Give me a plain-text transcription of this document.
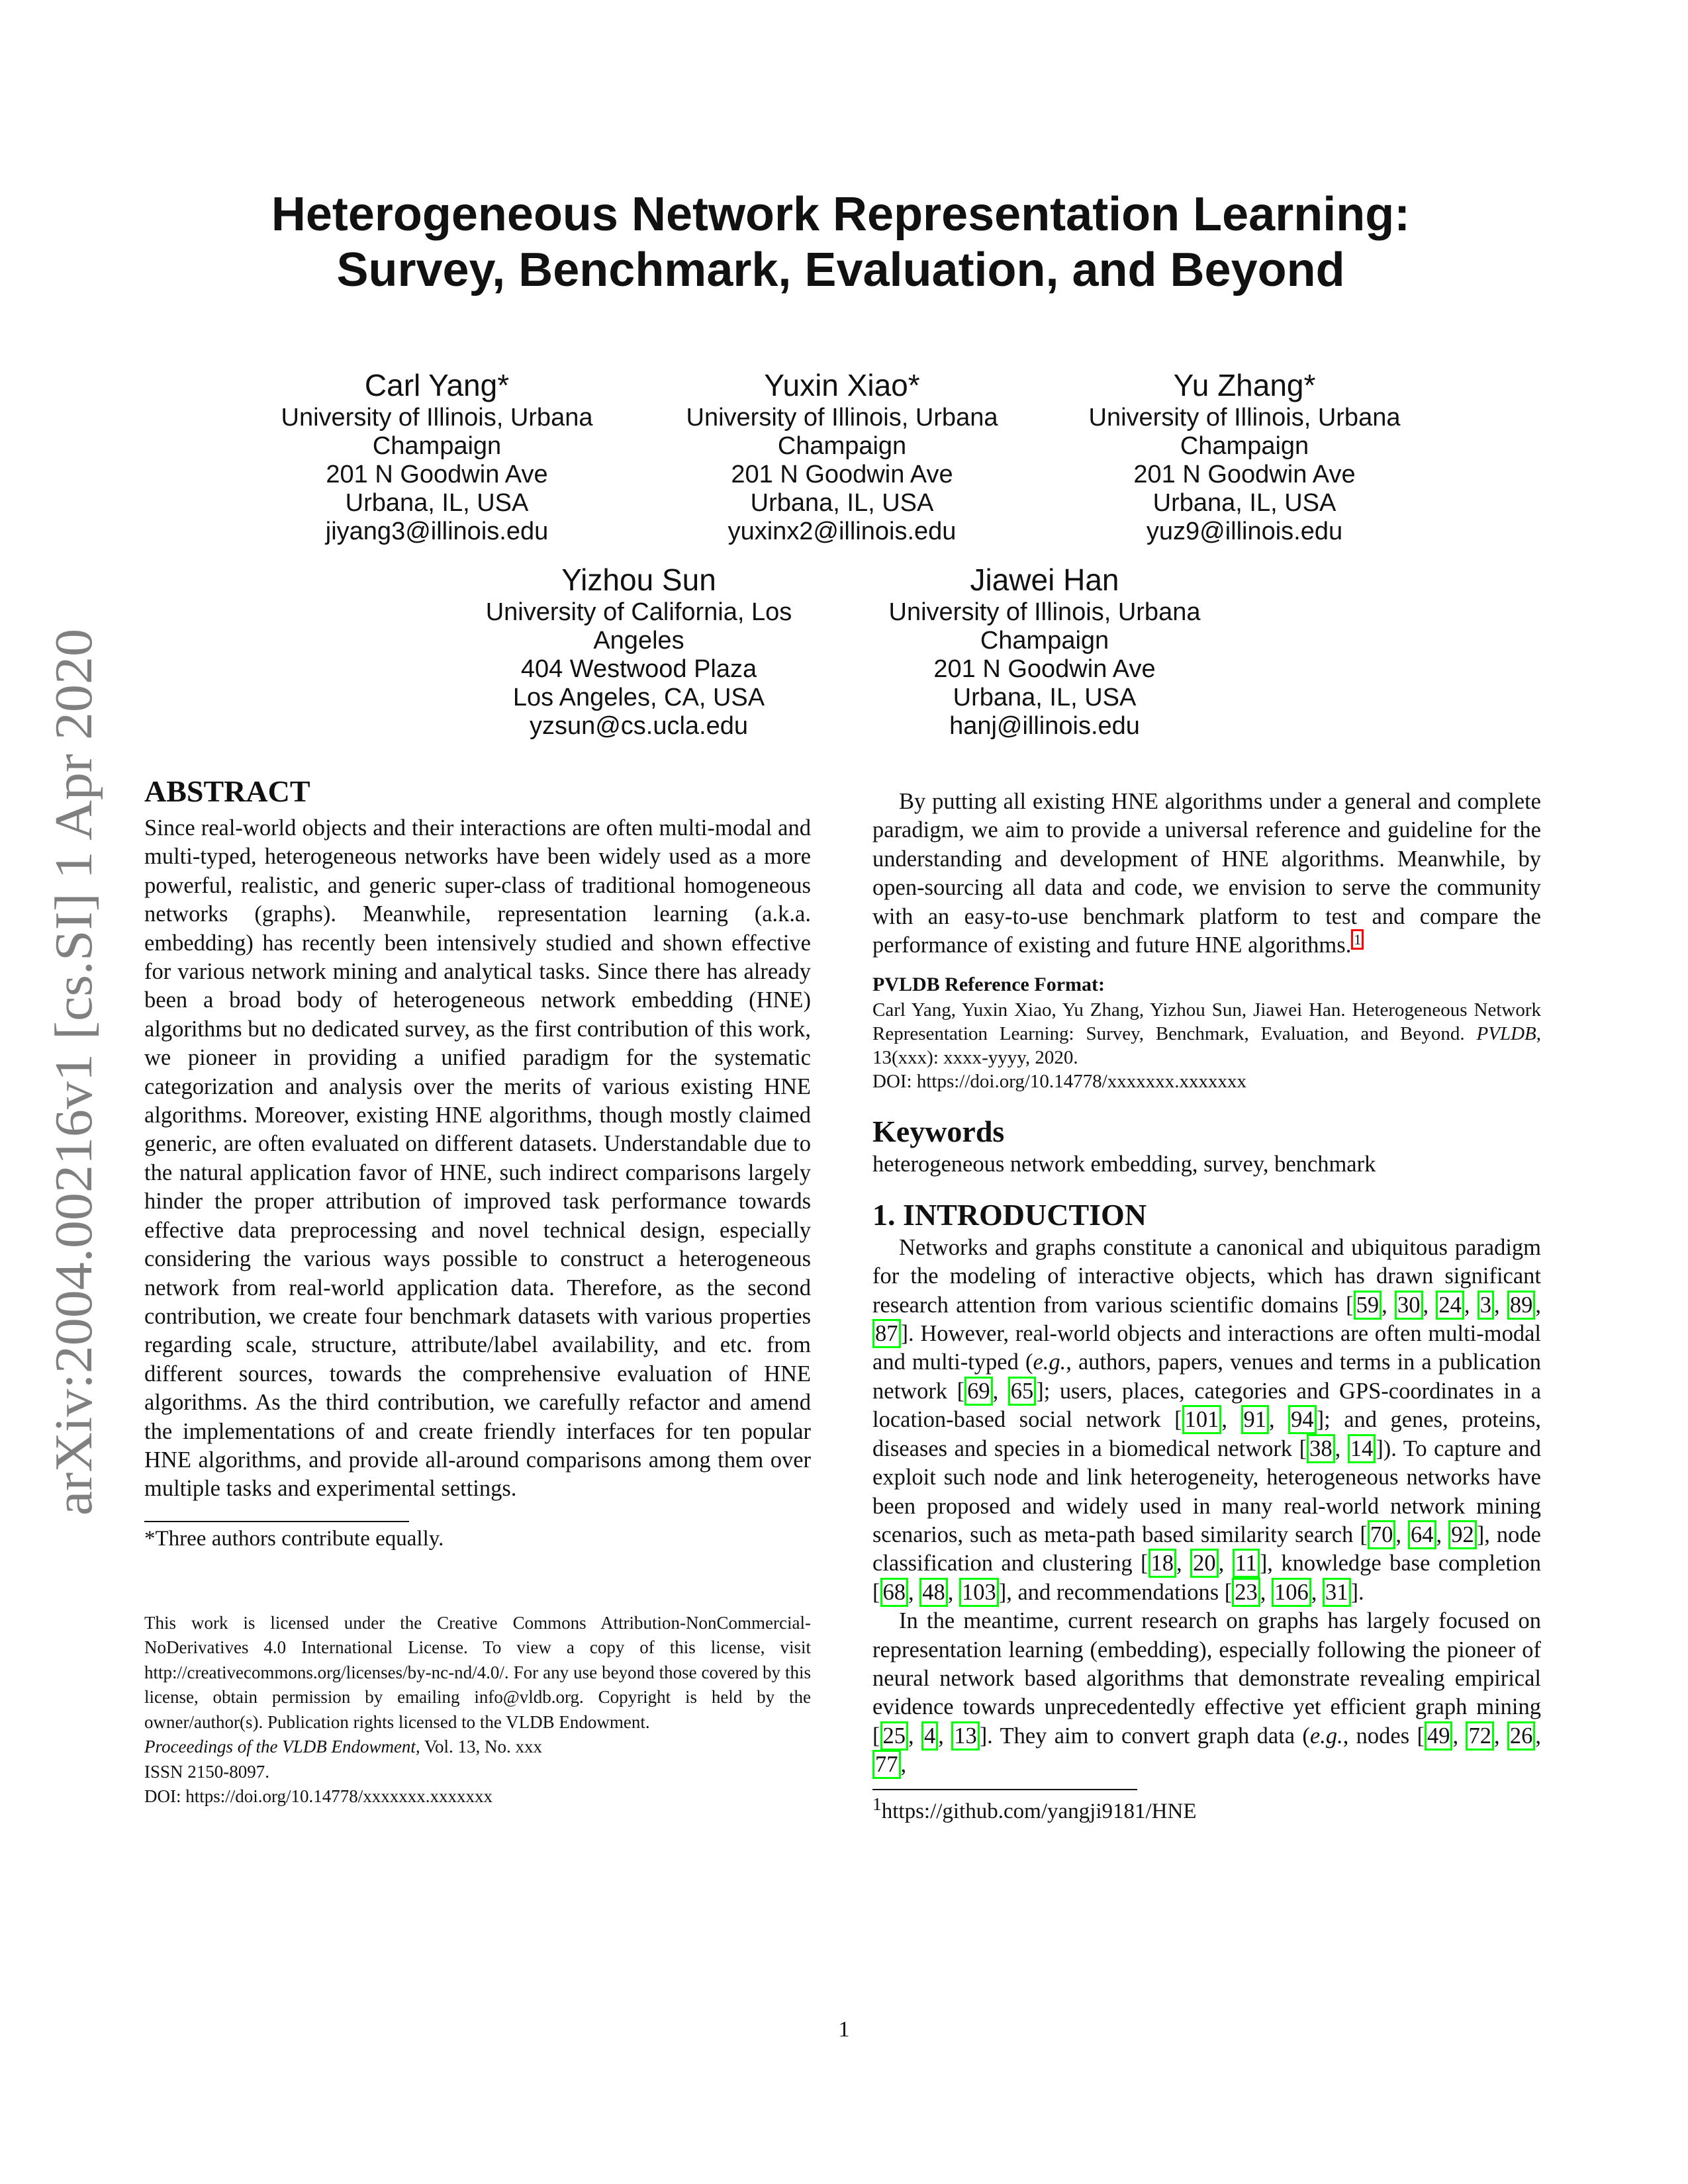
arXiv:2004.00216v1 [cs.SI] 1 Apr 2020
Heterogeneous Network Representation Learning:
Survey, Benchmark, Evaluation, and Beyond
Carl Yang*
University of Illinois, Urbana
Champaign
201 N Goodwin Ave
Urbana, IL, USA
jiyang3@illinois.edu
Yuxin Xiao*
University of Illinois, Urbana
Champaign
201 N Goodwin Ave
Urbana, IL, USA
yuxinx2@illinois.edu
Yu Zhang*
University of Illinois, Urbana
Champaign
201 N Goodwin Ave
Urbana, IL, USA
yuz9@illinois.edu
Yizhou Sun
University of California, Los
Angeles
404 Westwood Plaza
Los Angeles, CA, USA
yzsun@cs.ucla.edu
Jiawei Han
University of Illinois, Urbana
Champaign
201 N Goodwin Ave
Urbana, IL, USA
hanj@illinois.edu
ABSTRACT
Since real-world objects and their interactions are often multi-modal and multi-typed, heterogeneous networks have been widely used as a more powerful, realistic, and generic super-class of traditional homogeneous networks (graphs). Meanwhile, representation learning (a.k.a. embedding) has recently been intensively studied and shown effective for various network mining and analytical tasks. Since there has already been a broad body of heterogeneous network embedding (HNE) algorithms but no dedicated survey, as the first contribution of this work, we pioneer in providing a unified paradigm for the systematic categorization and analysis over the merits of various existing HNE algorithms. Moreover, existing HNE algorithms, though mostly claimed generic, are often evaluated on different datasets. Understandable due to the natural application favor of HNE, such indirect comparisons largely hinder the proper attribution of improved task performance towards effective data preprocessing and novel technical design, especially considering the various ways possible to construct a heterogeneous network from real-world application data. Therefore, as the second contribution, we create four benchmark datasets with various properties regarding scale, structure, attribute/label availability, and etc. from different sources, towards the comprehensive evaluation of HNE algorithms. As the third contribution, we carefully refactor and amend the implementations of and create friendly interfaces for ten popular HNE algorithms, and provide all-around comparisons among them over multiple tasks and experimental settings.
*Three authors contribute equally.
This work is licensed under the Creative Commons Attribution-NonCommercial-NoDerivatives 4.0 International License. To view a copy of this license, visit http://creativecommons.org/licenses/by-nc-nd/4.0/. For any use beyond those covered by this license, obtain permission by emailing info@vldb.org. Copyright is held by the owner/author(s). Publication rights licensed to the VLDB Endowment.
Proceedings of the VLDB Endowment, Vol. 13, No. xxx
ISSN 2150-8097.
DOI: https://doi.org/10.14778/xxxxxxx.xxxxxxx
By putting all existing HNE algorithms under a general and complete paradigm, we aim to provide a universal reference and guideline for the understanding and development of HNE algorithms. Meanwhile, by open-sourcing all data and code, we envision to serve the community with an easy-to-use benchmark platform to test and compare the performance of existing and future HNE algorithms. $^1$
PVLDB Reference Format:
Carl Yang, Yuxin Xiao, Yu Zhang, Yizhou Sun, Jiawei Han. Heterogeneous Network Representation Learning: Survey, Benchmark, Evaluation, and Beyond. PVLDB, 13(xxx): xxxx-yyyy, 2020.
DOI: https://doi.org/10.14778/xxxxxxx.xxxxxxx
Keywords
heterogeneous network embedding, survey, benchmark
1. INTRODUCTION
Networks and graphs constitute a canonical and ubiquitous paradigm for the modeling of interactive objects, which has drawn significant research attention from various scientific domains [ 59 , 30 , 24 , 3 , 89 , 87 ]. However, real-world objects and interactions are often multi-modal and multi-typed (e.g., authors, papers, venues and terms in a publication network [ 69 , 65 ]; users, places, categories and GPS-coordinates in a location-based social network [ 101 , 91 , 94 ]; and genes, proteins, diseases and species in a biomedical network [ 38 , 14 ]). To capture and exploit such node and link heterogeneity, heterogeneous networks have been proposed and widely used in many real-world network mining scenarios, such as meta-path based similarity search [ 70 , 64 , 92 ], node classification and clustering [ 18 , 20 , 11 ], knowledge base completion [ 68 , 48 , 103 ], and recommendations [ 23 , 106 , 31 ].
In the meantime, current research on graphs has largely focused on representation learning (embedding), especially following the pioneer of neural network based algorithms that demonstrate revealing empirical evidence towards unprecedentedly effective yet efficient graph mining [ 25 , 4 , 13 ]. They aim to convert graph data (e.g., nodes [ 49 , 72 , 26 , 77 ,
$^1$https://github.com/yangji9181/HNE
1
